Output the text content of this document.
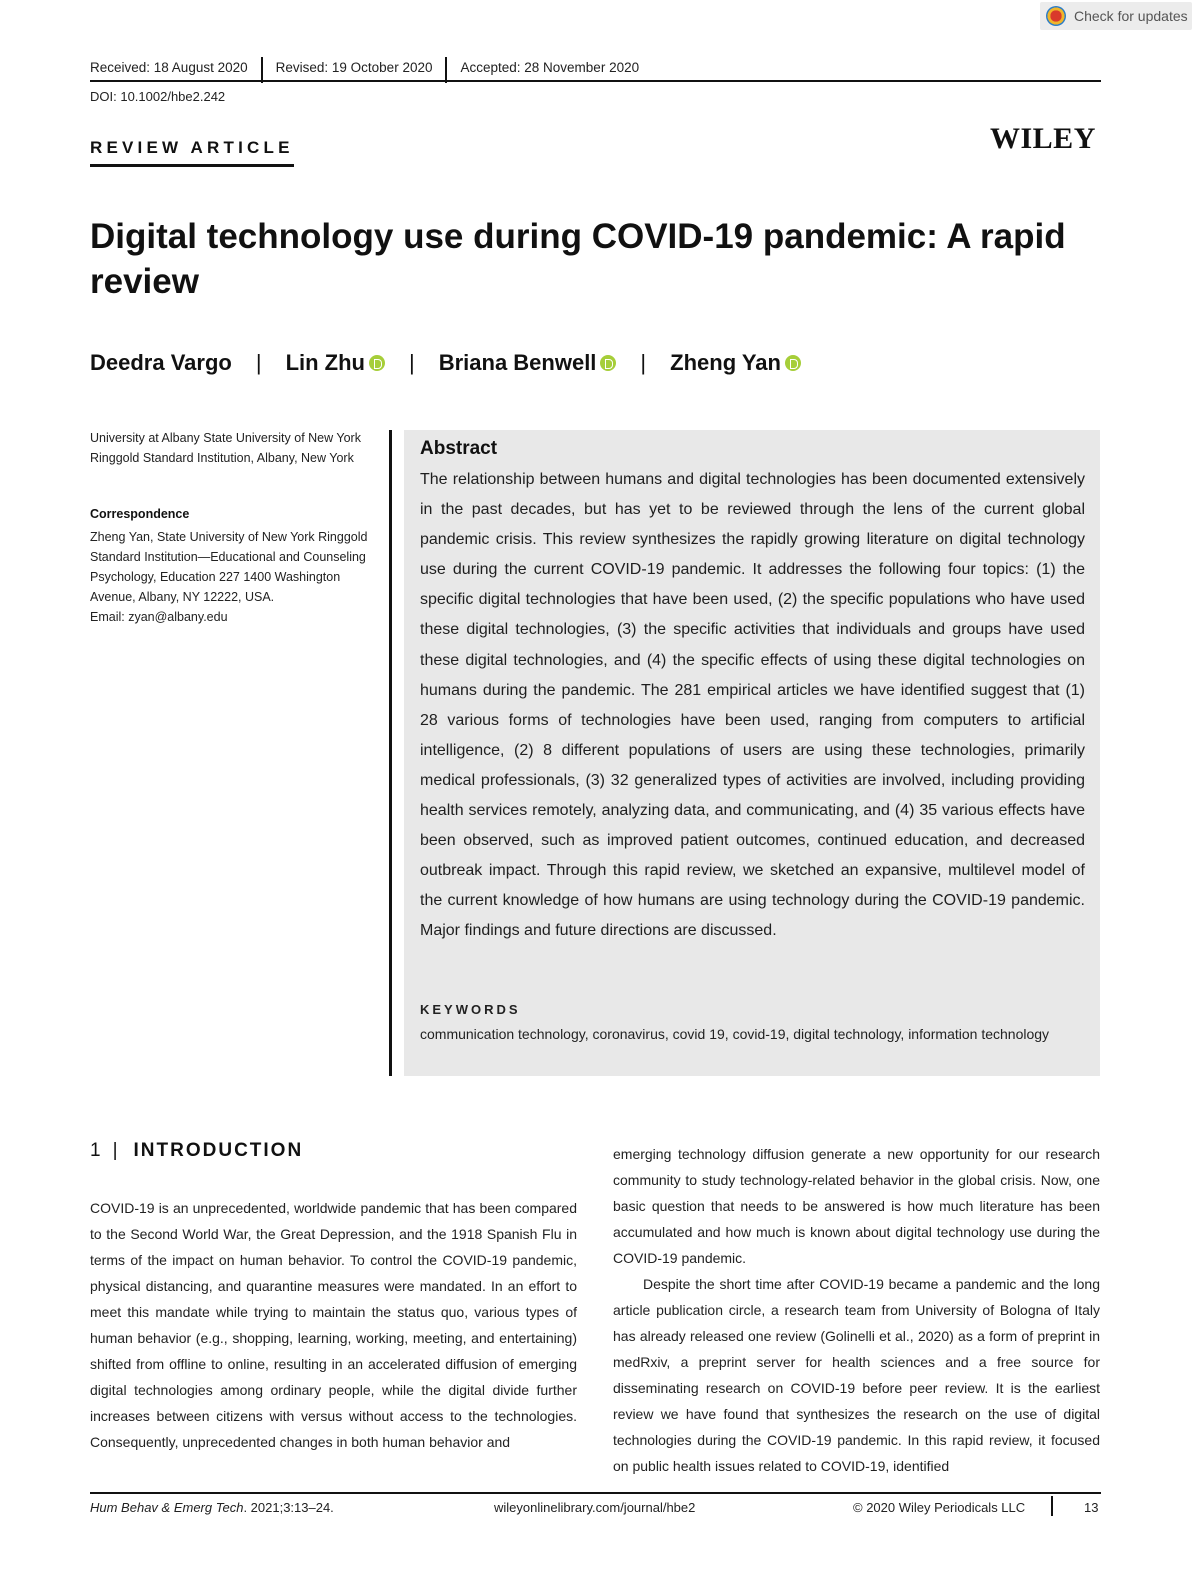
Check for updates
Received: 18 August 2020	Revised: 19 October 2020	Accepted: 28 November 2020
DOI: 10.1002/hbe2.242
REVIEW ARTICLE	WILEY
Digital technology use during COVID-19 pandemic: A rapid review
Deedra Vargo | Lin Zhu | Briana Benwell | Zheng Yan
University at Albany State University of New York Ringgold Standard Institution, Albany, New York
Correspondence
Zheng Yan, State University of New York Ringgold Standard Institution—Educational and Counseling Psychology, Education 227 1400 Washington Avenue, Albany, NY 12222, USA.
Email: zyan@albany.edu
Abstract
The relationship between humans and digital technologies has been documented extensively in the past decades, but has yet to be reviewed through the lens of the current global pandemic crisis. This review synthesizes the rapidly growing literature on digital technology use during the current COVID-19 pandemic. It addresses the following four topics: (1) the specific digital technologies that have been used, (2) the specific populations who have used these digital technologies, (3) the specific activities that individuals and groups have used these digital technologies, and (4) the specific effects of using these digital technologies on humans during the pandemic. The 281 empirical articles we have identified suggest that (1) 28 various forms of technologies have been used, ranging from computers to artificial intelligence, (2) 8 different populations of users are using these technologies, primarily medical professionals, (3) 32 generalized types of activities are involved, including providing health services remotely, analyzing data, and communicating, and (4) 35 various effects have been observed, such as improved patient outcomes, continued education, and decreased outbreak impact. Through this rapid review, we sketched an expansive, multilevel model of the current knowledge of how humans are using technology during the COVID-19 pandemic. Major findings and future directions are discussed.
KEYWORDS
communication technology, coronavirus, covid 19, covid-19, digital technology, information technology
1 | INTRODUCTION

COVID-19 is an unprecedented, worldwide pandemic that has been compared to the Second World War, the Great Depression, and the 1918 Spanish Flu in terms of the impact on human behavior. To control the COVID-19 pandemic, physical distancing, and quarantine measures were mandated. In an effort to meet this mandate while trying to maintain the status quo, various types of human behavior (e.g., shopping, learning, working, meeting, and entertaining) shifted from offline to online, resulting in an accelerated diffusion of emerging digital technologies among ordinary people, while the digital divide further increases between citizens with versus without access to the technologies. Consequently, unprecedented changes in both human behavior and

emerging technology diffusion generate a new opportunity for our research community to study technology-related behavior in the global crisis. Now, one basic question that needs to be answered is how much literature has been accumulated and how much is known about digital technology use during the COVID-19 pandemic.

Despite the short time after COVID-19 became a pandemic and the long article publication circle, a research team from University of Bologna of Italy has already released one review (Golinelli et al., 2020) as a form of preprint in medRxiv, a preprint server for health sciences and a free source for disseminating research on COVID-19 before peer review. It is the earliest review we have found that synthesizes the research on the use of digital technologies during the COVID-19 pandemic. In this rapid review, it focused on public health issues related to COVID-19, identified

Hum Behav & Emerg Tech. 2021;3:13–24.	wileyonlinelibrary.com/journal/hbe2	© 2020 Wiley Periodicals LLC	13
